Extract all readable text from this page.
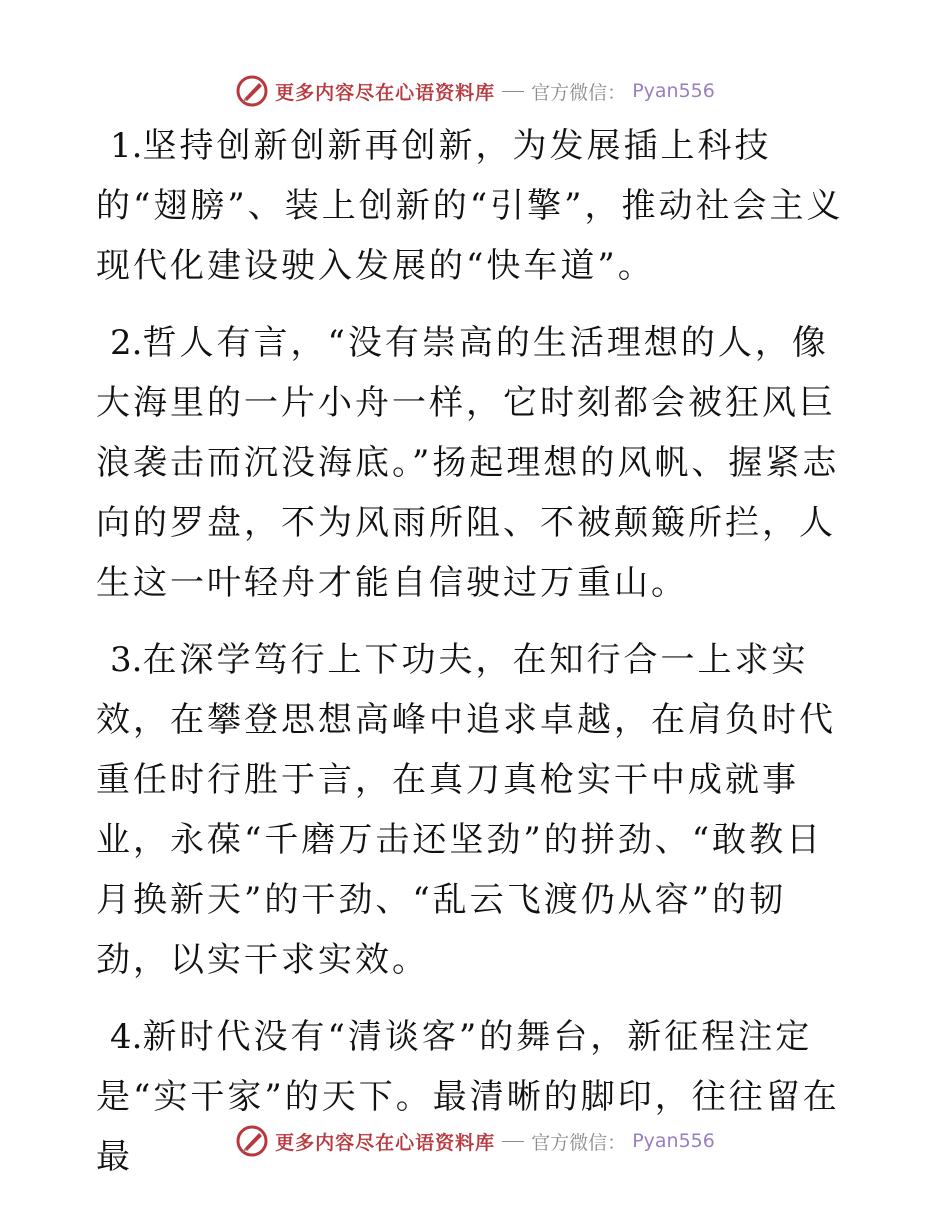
更多内容尽在心语资料库 官方微信： Pyan556

1.坚持创新创新再创新，为发展插上科技的“翅膀”、装上创新的“引擎”，推动社会主义现代化建设驶入发展的“快车道”。

2.哲人有言，“没有崇高的生活理想的人，像大海里的一片小舟一样，它时刻都会被狂风巨浪袭击而沉没海底。”扬起理想的风帆、握紧志向的罗盘，不为风雨所阻、不被颠簸所拦，人生这一叶轻舟才能自信驶过万重山。

3.在深学笃行上下功夫，在知行合一上求实效，在攀登思想高峰中追求卓越，在肩负时代重任时行胜于言，在真刀真枪实干中成就事业，永葆“千磨万击还坚劲”的拼劲、“敢教日月换新天”的干劲、“乱云飞渡仍从容”的韧劲，以实干求实效。

4.新时代没有“清谈客”的舞台，新征程注定是“实干家”的天下。最清晰的脚印，往往留在最	更多内容尽在心语资料库 官方微信： Pyan556
